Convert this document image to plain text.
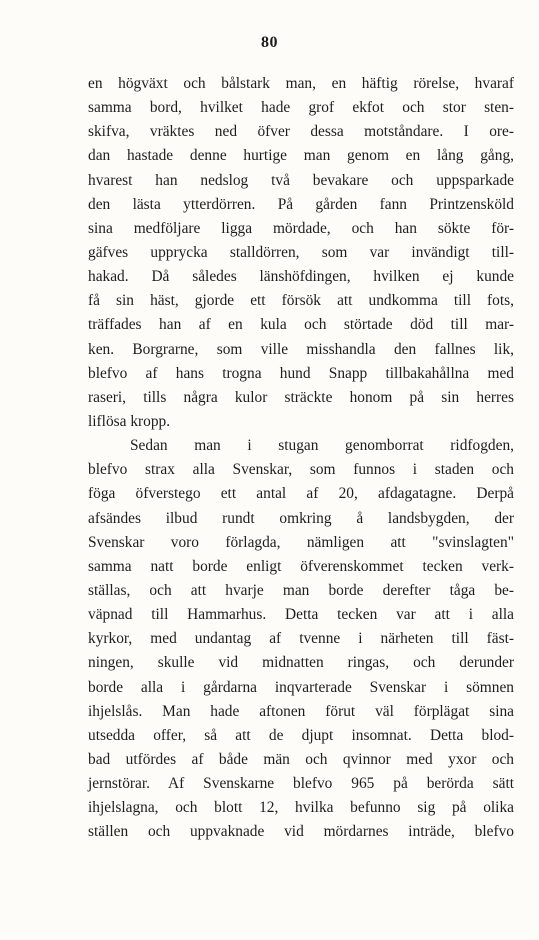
80
en högväxt och bålstark man, en häftig rörelse, hvaraf
samma bord, hvilket hade grof ekfot och stor sten-
skifva, vräktes ned öfver dessa motståndare. I ore-
dan hastade denne hurtige man genom en lång gång,
hvarest han nedslog två bevakare och uppsparkade
den lästa ytterdörren. På gården fann Printzensköld
sina medföljare ligga mördade, och han sökte för-
gäfves upprycka stalldörren, som var invändigt till-
hakad. Då således länshöfdingen, hvilken ej kunde
få sin häst, gjorde ett försök att undkomma till fots,
träffades han af en kula och störtade död till mar-
ken. Borgrarne, som ville misshandla den fallnes lik,
blefvo af hans trogna hund Snapp tillbakahållna med
raseri, tills några kulor sträckte honom på sin herres
liflösa kropp.
Sedan man i stugan genomborrat ridfogden,
blefvo strax alla Svenskar, som funnos i staden och
föga öfverstego ett antal af 20, afdagatagne. Derpå
afsändes ilbud rundt omkring å landsbygden, der
Svenskar voro förlagda, nämligen att "svinslagten"
samma natt borde enligt öfverenskommet tecken verk-
ställas, och att hvarje man borde derefter tåga be-
väpnad till Hammarhus. Detta tecken var att i alla
kyrkor, med undantag af tvenne i närheten till fäst-
ningen, skulle vid midnatten ringas, och derunder
borde alla i gårdarna inqvarterade Svenskar i sömnen
ihjelslås. Man hade aftonen förut väl förplägat sina
utsedda offer, så att de djupt insomnat. Detta blod-
bad utfördes af både män och qvinnor med yxor och
jernstörar. Af Svenskarne blefvo 965 på berörda sätt
ihjelslagna, och blott 12, hvilka befunno sig på olika
ställen och uppvaknade vid mördarnes inträde, blefvo
